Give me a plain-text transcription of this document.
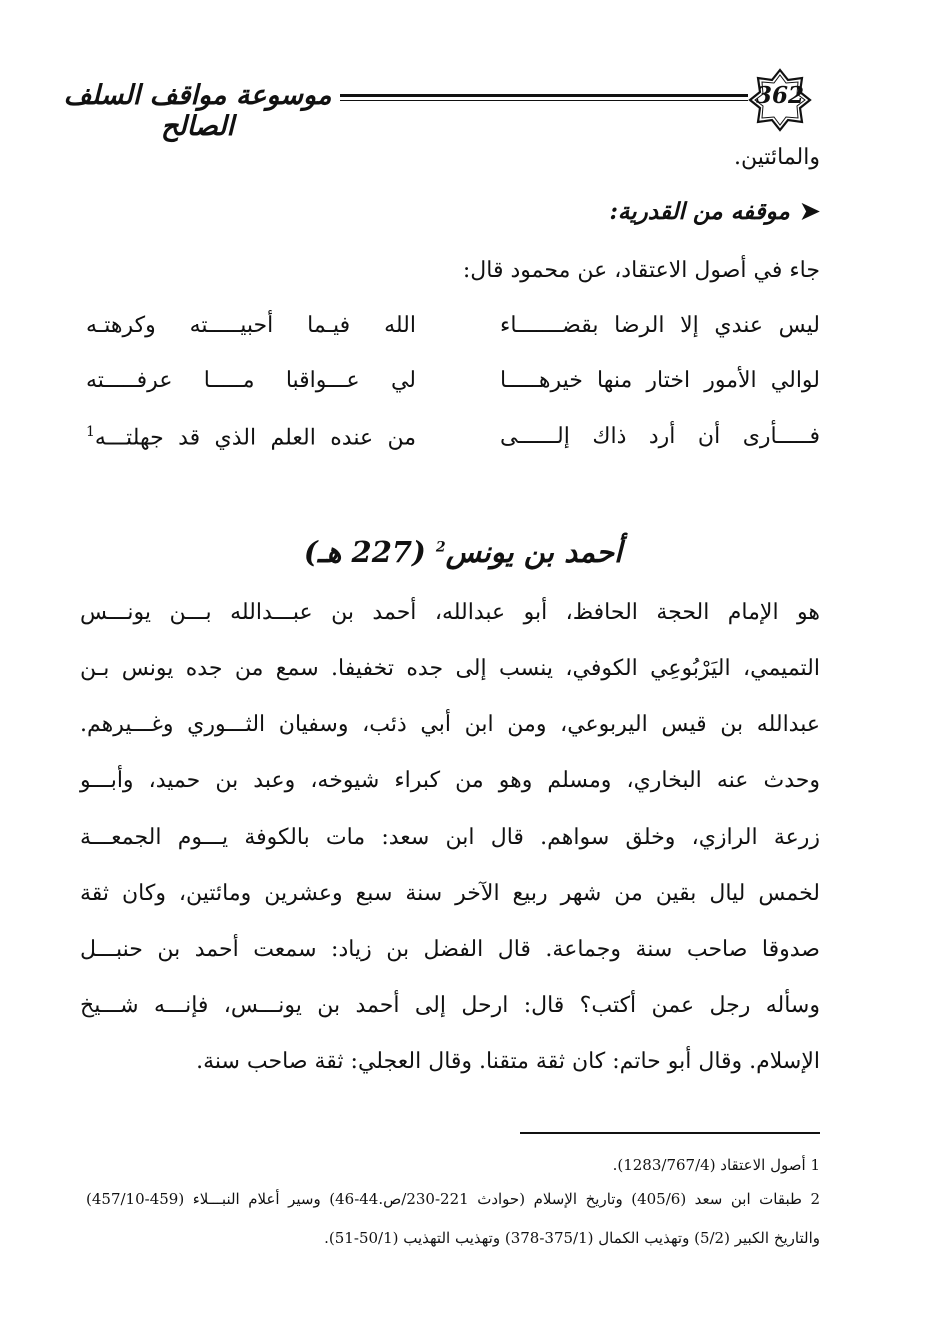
موسوعة مواقف السلف الصالح
362
والمائتين.
➤موقفه من القدرية:
جاء في أصول الاعتقاد، عن محمود قال:
ليس عندي إلا الرضا بقضـــــــاء
الله فيـما أحبيـــــته وكرهتـه
لوالي الأمور اختار منها خيرهـــــا
لي عـــواقبا مـــــا عرفـــــته
فـــــأرى أن أرد ذاك إلــــــى
من عنده العلم الذي قد جهلتـــه$^1$
أحمد بن يونس$^2$ (227 هـ)
هو الإمام الحجة الحافظ، أبو عبدالله، أحمد بن عبـــدالله بـــن يونـــس
التميمي، اليَرْبُوعِي الكوفي، ينسب إلى جده تخفيفا. سمع من جده يونس بـن
عبدالله بن قيس اليربوعي، ومن ابن أبي ذئب، وسفيان الثـــوري وغـــيرهم.
وحدث عنه البخاري، ومسلم وهو من كبراء شيوخه، وعبد بن حميد، وأبـــو
زرعة الرازي، وخلق سواهم. قال ابن سعد: مات بالكوفة يـــوم الجمعـــة
لخمس ليال بقين من شهر ربيع الآخر سنة سبع وعشرين ومائتين، وكان ثقة
صدوقا صاحب سنة وجماعة. قال الفضل بن زياد: سمعت أحمد بن حنبـــل
وسأله رجل عمن أكتب؟ قال: ارحل إلى أحمد بن يونـــس، فإنـــه شـــيخ
الإسلام. وقال أبو حاتم: كان ثقة متقنا. وقال العجلي: ثقة صاحب سنة.
1 أصول الاعتقاد (1283/767/4).
2 طبقات ابن سعد (405/6) وتاريخ الإسلام (حوادث 221-230/ص.44-46) وسير أعلام النبـــلاء (459-457/10)
والتاريخ الكبير (5/2) وتهذيب الكمال (375/1-378) وتهذيب التهذيب (50/1-51).
